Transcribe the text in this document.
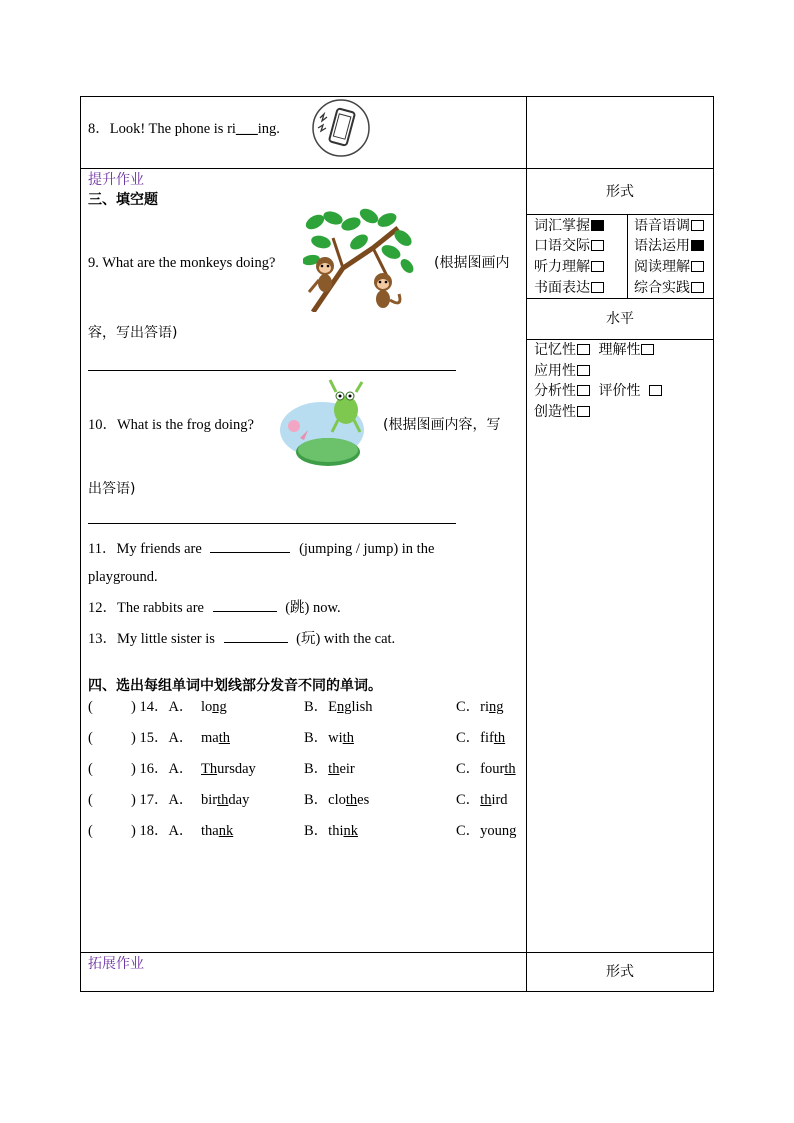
8．Look! The phone is ri___ing.
提升作业
三、填空题
9. What are the monkeys doing?	(根据图画内
容，写出答语)
10．What is the frog doing?	(根据图画内容，写
出答语)
11．My friends are	(jumping / jump) in the
playground.
12．The rabbits are	(跳) now.
13．My little sister is	(玩) with the cat.
四、选出每组单词中划线部分发音不同的单词。
(	) 14．A． long	B．English	C．ring
(	) 15．A． math	B．with	C．fifth
(	) 16．A． Thursday	B．their	C．fourth
(	) 17．A． birthday	B．clothes	C．third
(	) 18．A． thank	B．think	C．young
形式
词汇掌握	语音语调
口语交际	语法运用
听力理解	阅读理解
书面表达	综合实践
水平
记忆性 理解性
应用性
分析性 评价性
创造性
拓展作业	形式
